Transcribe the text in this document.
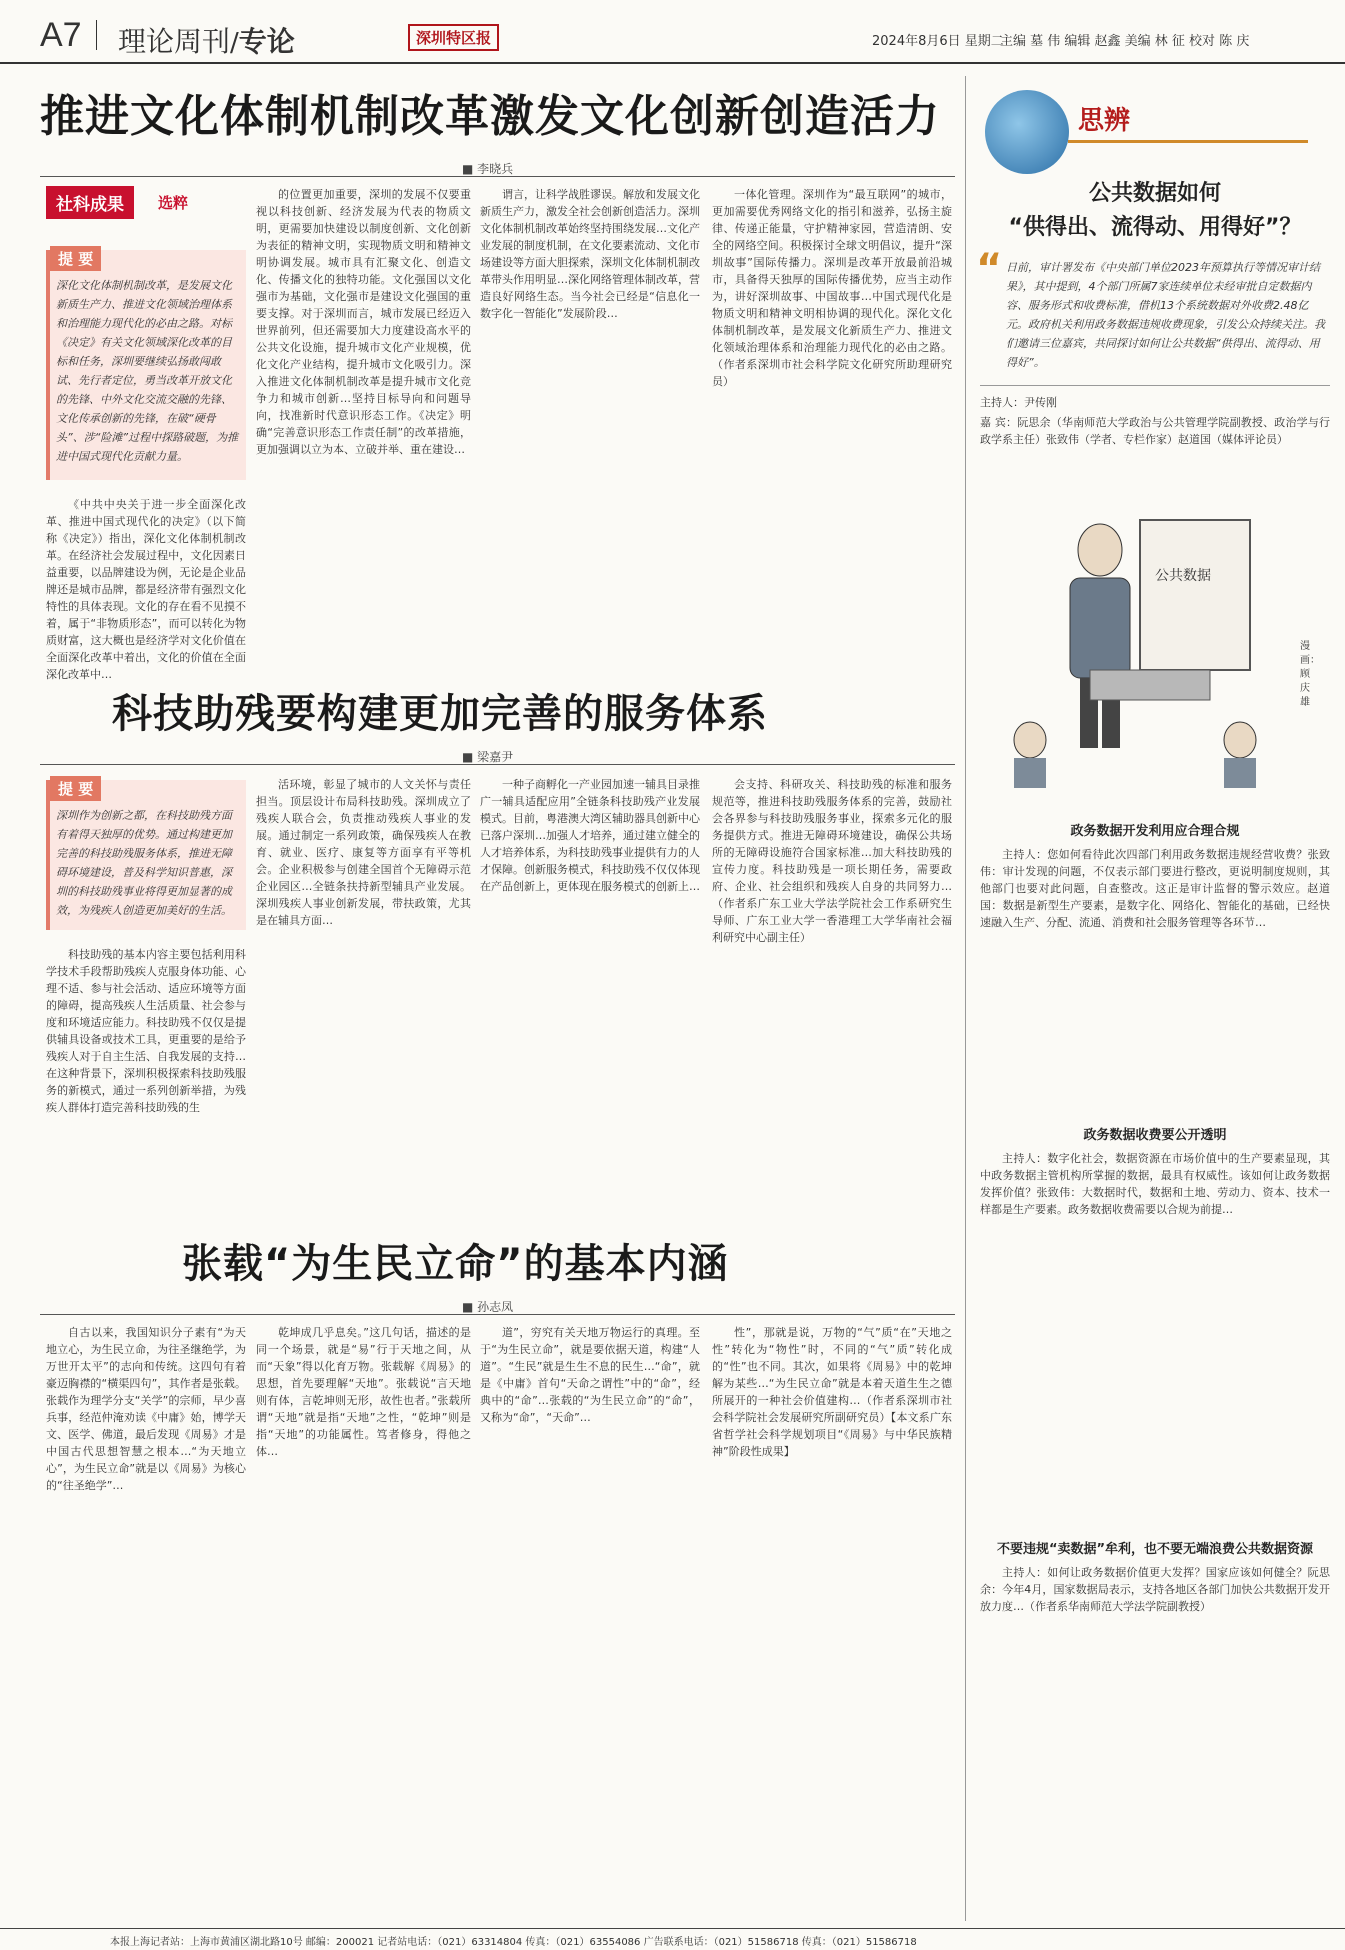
A7 理论周刊/专论	深圳特区报	2024年8月6日 星期二
主编 墓 伟 编辑 赵鑫 美编 林 征 校对 陈 庆
推进文化体制机制改革激发文化创新创造活力
■ 李晓兵
社科成果	选粹
提 要
深化文化体制机制改革，是发展文化新质生产力、推进文化领域治理体系和治理能力现代化的必由之路。对标《决定》有关文化领域深化改革的目标和任务，深圳要继续弘扬敢闯敢试、先行者定位，勇当改革开放文化的先锋、中外文化交流交融的先锋、文化传承创新的先锋，在破“硬骨头”、涉“险滩”过程中探路破题，为推进中国式现代化贡献力量。

《中共中央关于进一步全面深化改革、推进中国式现代化的决定》（以下简称《决定》）指出，深化文化体制机制改革。在经济社会发展过程中，文化因素日益重要，以品牌建设为例，无论是企业品牌还是城市品牌，都是经济带有强烈文化特性的具体表现。文化的存在看不见摸不着，属于“非物质形态”，而可以转化为物质财富，这大概也是经济学对文化价值在全面深化改革中着出，文化的价值在全面深化改革中…

的位置更加重要，深圳的发展不仅要重视以科技创新、经济发展为代表的物质文明，更需要加快建设以制度创新、文化创新为表征的精神文明，实现物质文明和精神文明协调发展。城市具有汇聚文化、创造文化、传播文化的独特功能。文化强国以文化强市为基础，文化强市是建设文化强国的重要支撑。对于深圳而言，城市发展已经迈入世界前列，但还需要加大力度建设高水平的公共文化设施，提升城市文化产业规模，优化文化产业结构，提升城市文化吸引力。深入推进文化体制机制改革是提升城市文化竞争力和城市创新…坚持目标导向和问题导向，找准新时代意识形态工作。《决定》明确“完善意识形态工作责任制”的改革措施，更加强调以立为本、立破并举、重在建设…

谓言，让科学战胜谬误。解放和发展文化新质生产力，激发全社会创新创造活力。深圳文化体制机制改革始终坚持围绕发展…文化产业发展的制度机制，在文化要素流动、文化市场建设等方面大胆探索，深圳文化体制机制改革带头作用明显…深化网络管理体制改革，营造良好网络生态。当今社会已经是“信息化一数字化一智能化”发展阶段…

一体化管理。深圳作为“最互联网”的城市，更加需要优秀网络文化的指引和滋养，弘扬主旋律、传递正能量，守护精神家园，营造清朗、安全的网络空间。积极探讨全球文明倡议，提升“深圳故事”国际传播力。深圳是改革开放最前沿城市，具备得天独厚的国际传播优势，应当主动作为，讲好深圳故事、中国故事…中国式现代化是物质文明和精神文明相协调的现代化。深化文化体制机制改革，是发展文化新质生产力、推进文化领域治理体系和治理能力现代化的必由之路。（作者系深圳市社会科学院文化研究所助理研究员）

科技助残要构建更加完善的服务体系
■ 梁嘉尹
提 要
深圳作为创新之都，在科技助残方面有着得天独厚的优势。通过构建更加完善的科技助残服务体系，推进无障碍环境建设，普及科学知识普惠，深圳的科技助残事业将得更加显著的成效，为残疾人创造更加美好的生活。

科技助残的基本内容主要包括利用科学技术手段帮助残疾人克服身体功能、心理不适、参与社会活动、适应环境等方面的障碍，提高残疾人生活质量、社会参与度和环境适应能力。科技助残不仅仅是提供辅具设备或技术工具，更重要的是给予残疾人对于自主生活、自我发展的支持…在这种背景下，深圳积极探索科技助残服务的新模式，通过一系列创新举措，为残疾人群体打造完善科技助残的生

活环境，彰显了城市的人文关怀与责任担当。顶层设计布局科技助残。深圳成立了残疾人联合会，负责推动残疾人事业的发展。通过制定一系列政策，确保残疾人在教育、就业、医疗、康复等方面享有平等机会。企业积极参与创建全国首个无障碍示范企业园区…全链条扶持新型辅具产业发展。深圳残疾人事业创新发展，带扶政策，尤其是在辅具方面…

一种子商孵化一产业园加速一辅具目录推广一辅具适配应用”全链条科技助残产业发展模式。目前，粤港澳大湾区辅助器具创新中心已落户深圳…加强人才培养，通过建立健全的人才培养体系，为科技助残事业提供有力的人才保障。创新服务模式，科技助残不仅仅体现在产品创新上，更体现在服务模式的创新上…

会支持、科研攻关、科技助残的标准和服务规范等，推进科技助残服务体系的完善，鼓励社会各界参与科技助残服务事业，探索多元化的服务提供方式。推进无障碍环境建设，确保公共场所的无障碍设施符合国家标准…加大科技助残的宣传力度。科技助残是一项长期任务，需要政府、企业、社会组织和残疾人自身的共同努力…（作者系广东工业大学法学院社会工作系研究生导师、广东工业大学一香港理工大学华南社会福利研究中心副主任）

张载“为生民立命”的基本内涵
■ 孙志凤

自古以来，我国知识分子素有“为天地立心，为生民立命，为往圣继绝学，为万世开太平”的志向和传统。这四句有着豪迈胸襟的“横渠四句”，其作者是张载。张载作为理学分支“关学”的宗师，早少喜兵事，经范仲淹劝读《中庸》始，博学天文、医学、佛道，最后发现《周易》才是中国古代思想智慧之根本…“为天地立心”，为生民立命”就是以《周易》为核心的“往圣绝学”…

乾坤成几乎息矣。”这几句话，描述的是同一个场景，就是“易”行于天地之间，从而“天象”得以化育万物。张载解《周易》的思想，首先要理解“天地”。张载说“言天地则有体，言乾坤则无形，故性也者。”张载所谓“天地”就是指“天地”之性，“乾坤”则是指“天地”的功能属性。笃者修身，得他之体…

道”，穷究有关天地万物运行的真理。至于“为生民立命”，就是要依据天道，构建“人道”。“生民”就是生生不息的民生…“命”，就是《中庸》首句“天命之谓性”中的“命”，经典中的“命”…张载的“为生民立命”的“命”，又称为“命”，“天命”…

性”，那就是说，万物的“气”质“在”天地之性”转化为“物性”时，不同的“气”质”转化成的“性”也不同。其次，如果将《周易》中的乾坤解为某些…“为生民立命”就是本着天道生生之德所展开的一种社会价值建构…（作者系深圳市社会科学院社会发展研究所副研究员）【本文系广东省哲学社会科学规划项目“《周易》与中华民族精神”阶段性成果】

思辨
公共数据如何
“供得出、流得动、用得好”？
“ 日前，审计署发布《中央部门单位2023年预算执行等情况审计结果》，其中提到，4个部门所属7家连续单位未经审批自定数据内容、服务形式和收费标准，借机13个系统数据对外收费2.48亿元。政府机关利用政务数据违规收费现象，引发公众持续关注。我们邀请三位嘉宾，共同探讨如何让公共数据“供得出、流得动、用得好”。
主持人：尹传刚
嘉 宾：阮思余（华南师范大学政治与公共管理学院副教授、政治学与行政学系主任）张致伟（学者、专栏作家）赵道国（媒体评论员）
公共数据
漫画：顾 庆 雄
政务数据开发利用应合理合规

主持人：您如何看待此次四部门利用政务数据违规经营收费？张致伟：审计发现的问题，不仅表示部门要进行整改，更说明制度规则，其他部门也要对此问题，自查整改。这正是审计监督的警示效应。赵道国：数据是新型生产要素，是数字化、网络化、智能化的基础，已经快速融入生产、分配、流通、消费和社会服务管理等各环节…

政务数据收费要公开透明

主持人：数字化社会，数据资源在市场价值中的生产要素显现，其中政务数据主管机构所掌握的数据，最具有权威性。该如何让政务数据发挥价值？张致伟：大数据时代，数据和土地、劳动力、资本、技术一样都是生产要素。政务数据收费需要以合规为前提…

不要违规“卖数据”牟利，也不要无端浪费公共数据资源

主持人：如何让政务数据价值更大发挥？国家应该如何健全？阮思余：今年4月，国家数据局表示，支持各地区各部门加快公共数据开发开放力度…（作者系华南师范大学法学院副教授）

本报上海记者站：上海市黄浦区湖北路10号 邮编：200021 记者站电话：（021）63314804 传真：（021）63554086 广告联系电话：（021）51586718 传真：（021）51586718
